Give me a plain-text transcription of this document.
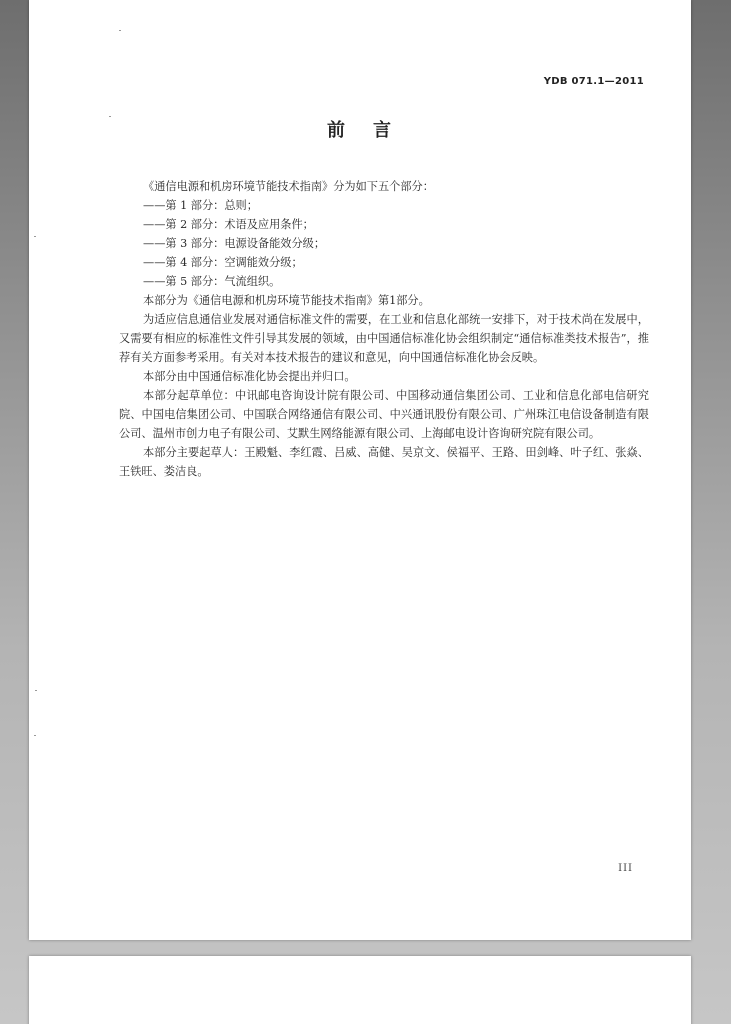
YDB 071.1—2011
前 言

《通信电源和机房环境节能技术指南》分为如下五个部分：

——第 1 部分：总则；

——第 2 部分：术语及应用条件；

——第 3 部分：电源设备能效分级；

——第 4 部分：空调能效分级；

——第 5 部分：气流组织。

本部分为《通信电源和机房环境节能技术指南》第1部分。

为适应信息通信业发展对通信标准文件的需要，在工业和信息化部统一安排下，对于技术尚在发展中，又需要有相应的标准性文件引导其发展的领域，由中国通信标准化协会组织制定“通信标准类技术报告”，推荐有关方面参考采用。有关对本技术报告的建议和意见，向中国通信标准化协会反映。

本部分由中国通信标准化协会提出并归口。

本部分起草单位：中讯邮电咨询设计院有限公司、中国移动通信集团公司、工业和信息化部电信研究院、中国电信集团公司、中国联合网络通信有限公司、中兴通讯股份有限公司、广州珠江电信设备制造有限公司、温州市创力电子有限公司、艾默生网络能源有限公司、上海邮电设计咨询研究院有限公司。

本部分主要起草人：王殿魁、李红霞、吕威、高健、吴京文、侯福平、王路、田剑峰、叶子红、张焱、王铁旺、娄洁良。

III
